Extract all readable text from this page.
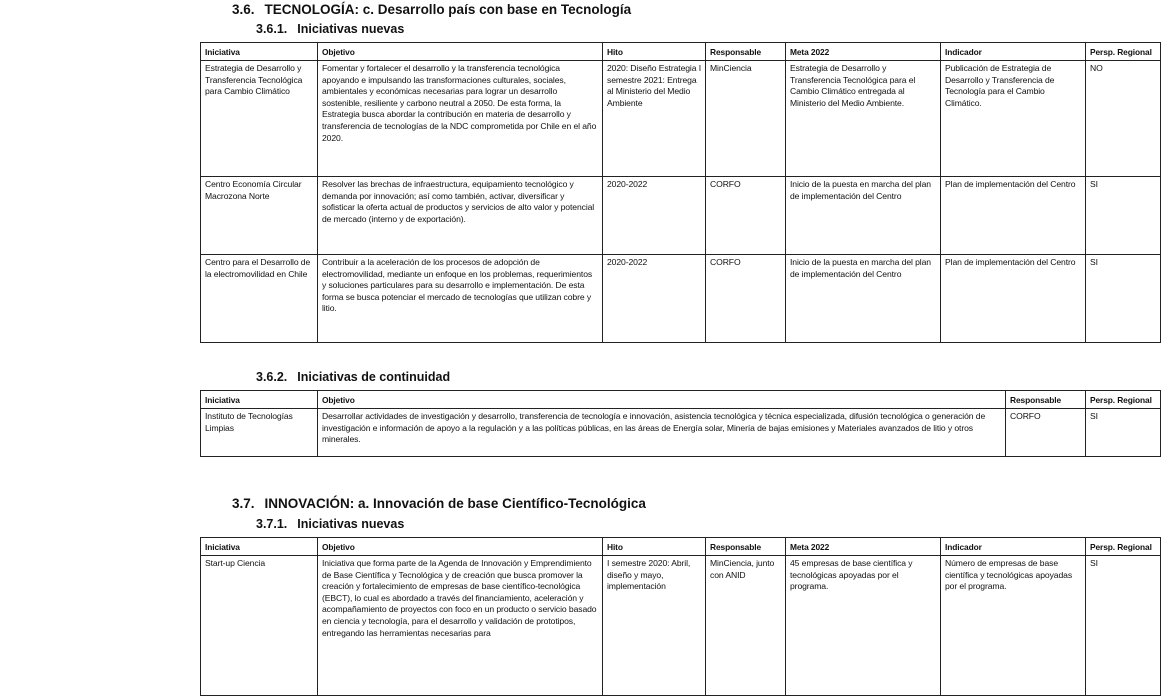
3.6. TECNOLOGÍA: c. Desarrollo país con base en Tecnología
3.6.1. Iniciativas nuevas
Iniciativa	Objetivo	Hito	Responsable	Meta 2022	Indicador	Persp. Regional
Estrategia de Desarrollo y Transferencia Tecnológica para Cambio Climático	Fomentar y fortalecer el desarrollo y la transferencia tecnológica apoyando e impulsando las transformaciones culturales, sociales, ambientales y económicas necesarias para lograr un desarrollo sostenible, resiliente y carbono neutral a 2050. De esta forma, la Estrategia busca abordar la contribución en materia de desarrollo y transferencia de tecnologías de la NDC comprometida por Chile en el año 2020.	2020: Diseño Estrategia I semestre 2021: Entrega al Ministerio del Medio Ambiente	MinCiencia	Estrategia de Desarrollo y Transferencia Tecnológica para el Cambio Climático entregada al Ministerio del Medio Ambiente.	Publicación de Estrategia de Desarrollo y Transferencia de Tecnología para el Cambio Climático.	NO
Centro Economía Circular Macrozona Norte	Resolver las brechas de infraestructura, equipamiento tecnológico y demanda por innovación; así como también, activar, diversificar y sofisticar la oferta actual de productos y servicios de alto valor y potencial de mercado (interno y de exportación).	2020-2022	CORFO	Inicio de la puesta en marcha del plan de implementación del Centro	Plan de implementación del Centro	SI
Centro para el Desarrollo de la electromovilidad en Chile	Contribuir a la aceleración de los procesos de adopción de electromovilidad, mediante un enfoque en los problemas, requerimientos y soluciones particulares para su desarrollo e implementación. De esta forma se busca potenciar el mercado de tecnologías que utilizan cobre y litio.	2020-2022	CORFO	Inicio de la puesta en marcha del plan de implementación del Centro	Plan de implementación del Centro	SI
3.6.2. Iniciativas de continuidad
Iniciativa	Objetivo	Responsable	Persp. Regional
Instituto de Tecnologías Limpias	Desarrollar actividades de investigación y desarrollo, transferencia de tecnología e innovación, asistencia tecnológica y técnica especializada, difusión tecnológica o generación de investigación e información de apoyo a la regulación y a las políticas públicas, en las áreas de Energía solar, Minería de bajas emisiones y Materiales avanzados de litio y otros minerales.	CORFO	SI
3.7. INNOVACIÓN: a. Innovación de base Científico-Tecnológica
3.7.1. Iniciativas nuevas
Iniciativa	Objetivo	Hito	Responsable	Meta 2022	Indicador	Persp. Regional
Start-up Ciencia	Iniciativa que forma parte de la Agenda de Innovación y Emprendimiento de Base Científica y Tecnológica y de creación que busca promover la creación y fortalecimiento de empresas de base científico-tecnológica (EBCT), lo cual es abordado a través del financiamiento, aceleración y acompañamiento de proyectos con foco en un producto o servicio basado en ciencia y tecnología, para el desarrollo y validación de prototipos, entregando las herramientas necesarias para	I semestre 2020: Abril, diseño y mayo, implementación	MinCiencia, junto con ANID	45 empresas de base científica y tecnológicas apoyadas por el programa.	Número de empresas de base científica y tecnológicas apoyadas por el programa.	SI
